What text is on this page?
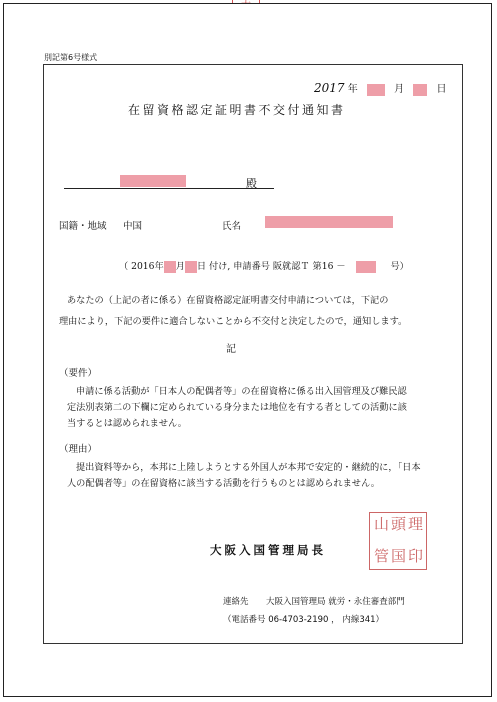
別記第6号様式
2017 年	月	日
在留資格認定証明書不交付通知書
殿
国籍・地域 中国	氏名
（ 2016年 月 日 付け, 申請番号 阪就認Ｔ 第16 －	号）
あなたの（上記の者に係る）在留資格認定証明書交付申請については，下記の
理由により，下記の要件に適合しないことから不交付と決定したので，通知します。
記
（要件）
申請に係る活動が「日本人の配偶者等」の在留資格に係る出入国管理及び難民認
定法別表第二の下欄に定められている身分または地位を有する者としての活動に該
当するとは認められません。
（理由）
提出資料等から，本邦に上陸しようとする外国人が本邦で安定的・継続的に，「日本
人の配偶者等」の在留資格に該当する活動を行うものとは認められません。
大阪入国管理局長
連絡先 大阪入国管理局 就労・永住審査部門
（電話番号 06-4703-2190 ， 内線341）
山 頭 理
管 国 印
